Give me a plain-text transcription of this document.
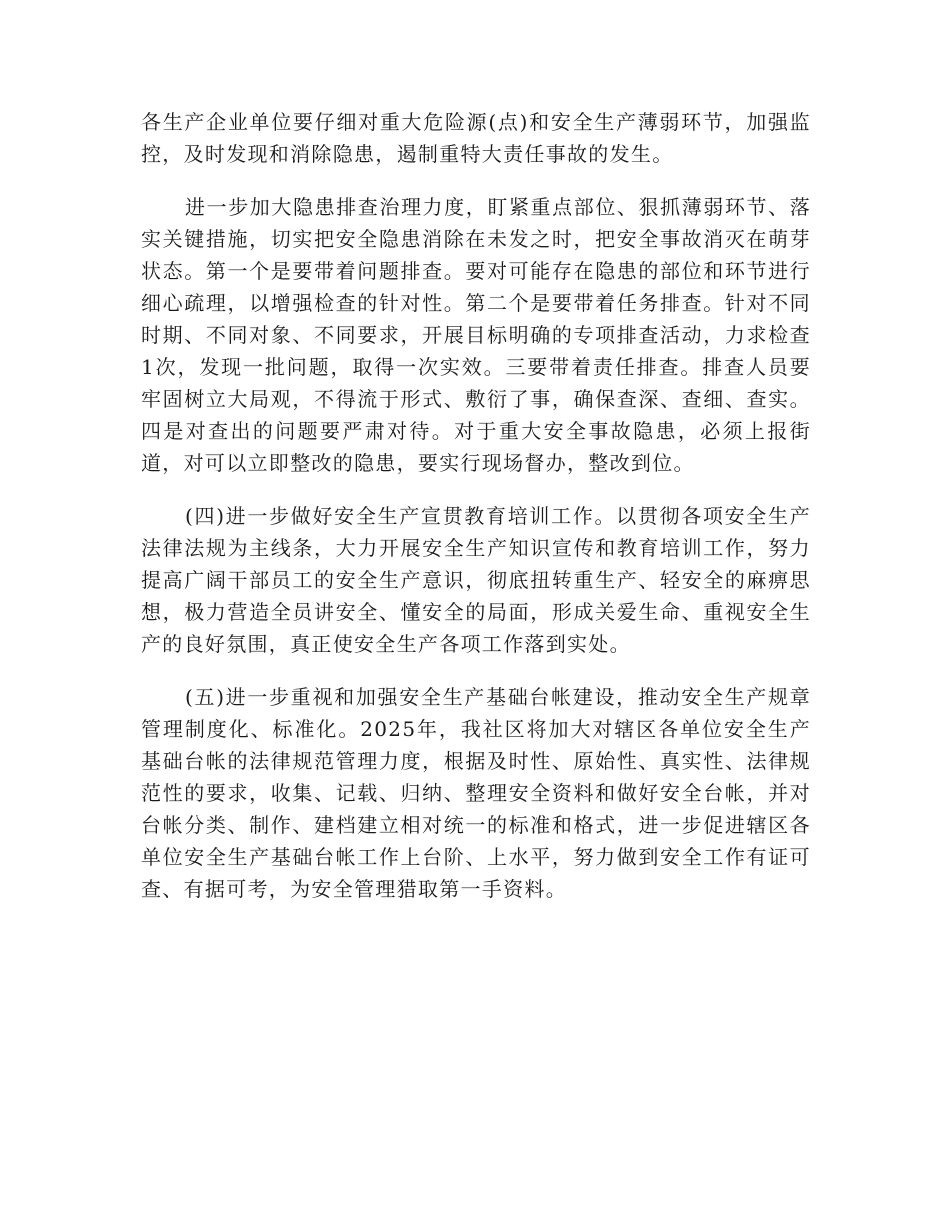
各生产企业单位要仔细对重大危险源(点)和安全生产薄弱环节，加强监控，及时发现和消除隐患，遏制重特大责任事故的发生。

进一步加大隐患排查治理力度，盯紧重点部位、狠抓薄弱环节、落实关键措施，切实把安全隐患消除在未发之时，把安全事故消灭在萌芽状态。第一个是要带着问题排查。要对可能存在隐患的部位和环节进行细心疏理，以增强检查的针对性。第二个是要带着任务排查。针对不同时期、不同对象、不同要求，开展目标明确的专项排查活动，力求检查1次，发现一批问题，取得一次实效。三要带着责任排查。排查人员要牢固树立大局观，不得流于形式、敷衍了事，确保查深、查细、查实。四是对查出的问题要严肃对待。对于重大安全事故隐患，必须上报街道，对可以立即整改的隐患，要实行现场督办，整改到位。

(四)进一步做好安全生产宣贯教育培训工作。以贯彻各项安全生产法律法规为主线条，大力开展安全生产知识宣传和教育培训工作，努力提高广阔干部员工的安全生产意识，彻底扭转重生产、轻安全的麻痹思想，极力营造全员讲安全、懂安全的局面，形成关爱生命、重视安全生产的良好氛围，真正使安全生产各项工作落到实处。

(五)进一步重视和加强安全生产基础台帐建设，推动安全生产规章管理制度化、标准化。2025年，我社区将加大对辖区各单位安全生产基础台帐的法律规范管理力度，根据及时性、原始性、真实性、法律规范性的要求，收集、记载、归纳、整理安全资料和做好安全台帐，并对台帐分类、制作、建档建立相对统一的标准和格式，进一步促进辖区各单位安全生产基础台帐工作上台阶、上水平，努力做到安全工作有证可查、有据可考，为安全管理猎取第一手资料。
